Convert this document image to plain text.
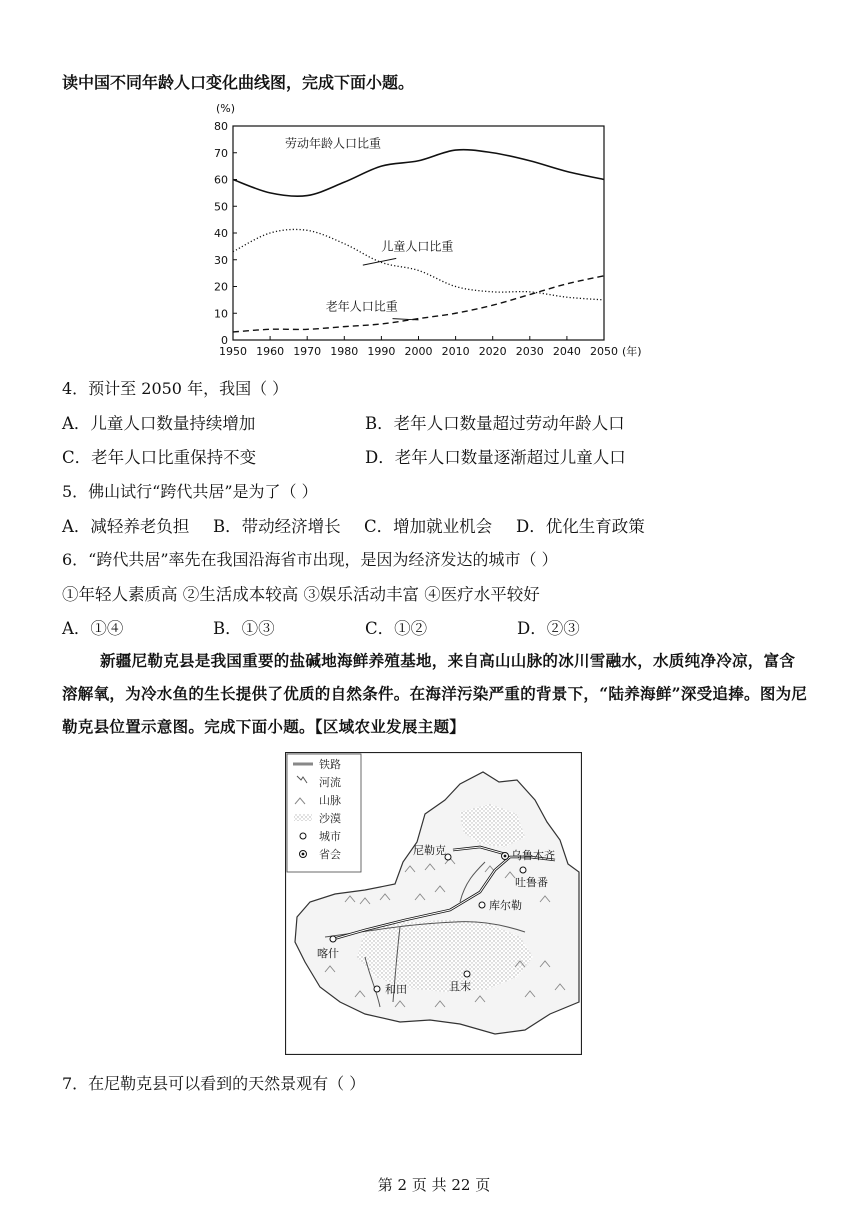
读中国不同年龄人口变化曲线图，完成下面小题。
(%)
0
10
20
30
40
50
60
70
80
1950 1960 1970 1980 1990 2000 2010 2020 2030 2040 2050 (年)
劳动年龄人口比重
儿童人口比重
老年人口比重
4．预计至 2050 年，我国（ ）
A．儿童人口数量持续增加	B．老年人口数量超过劳动年龄人口
C．老年人口比重保持不变	D．老年人口数量逐渐超过儿童人口
5．佛山试行“跨代共居”是为了（ ）
A．减轻养老负担 B．带动经济增长 C．增加就业机会 D．优化生育政策
6．“跨代共居”率先在我国沿海省市出现，是因为经济发达的城市（ ）
①年轻人素质高 ②生活成本较高 ③娱乐活动丰富 ④医疗水平较好
A．①④	B．①③	C．①②	D．②③
新疆尼勒克县是我国重要的盐碱地海鲜养殖基地，来自高山山脉的冰川雪融水，水质纯净冷凉，富含溶解氧，为冷水鱼的生长提供了优质的自然条件。在海洋污染严重的背景下，“陆养海鲜”深受追捧。图为尼勒克县位置示意图。完成下面小题。【区域农业发展主题】
铁路
河流
山脉
沙漠
城市
省会	尼勒克	乌鲁木齐
吐鲁番
库尔勒
喀什
和田	且末
7．在尼勒克县可以看到的天然景观有（ ）
第 2 页 共 22 页
